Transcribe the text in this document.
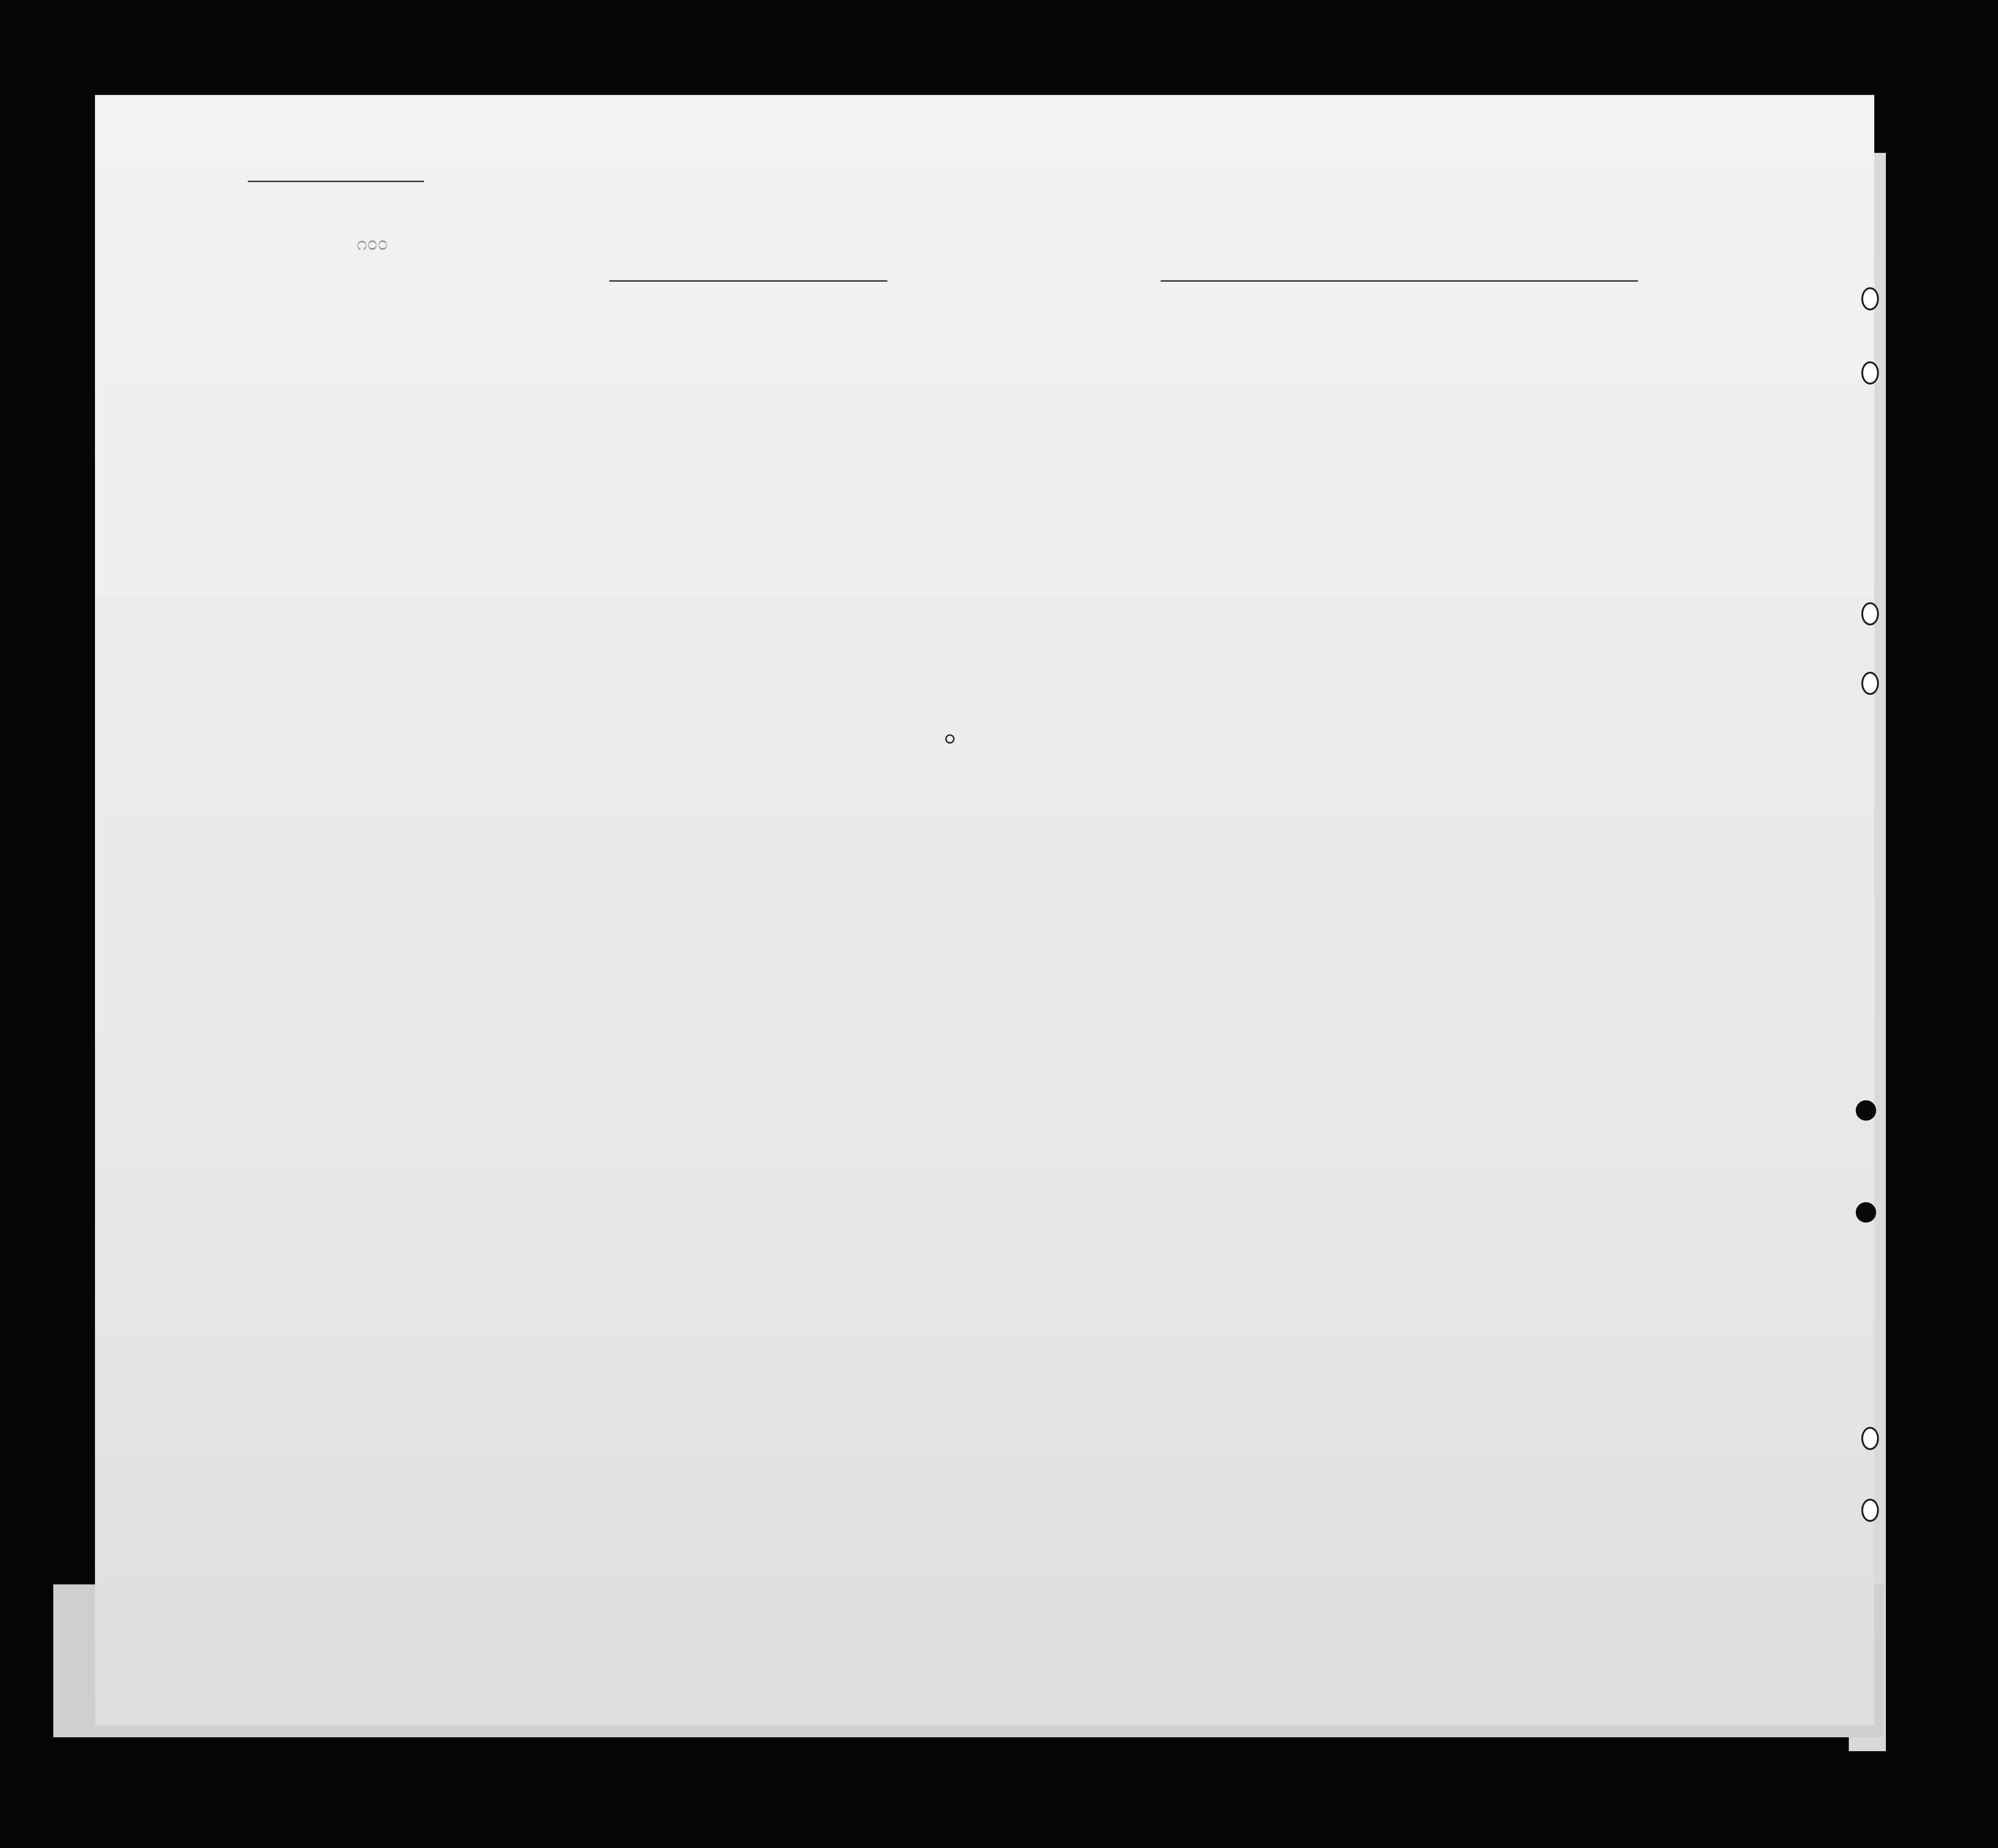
೧೦೦
